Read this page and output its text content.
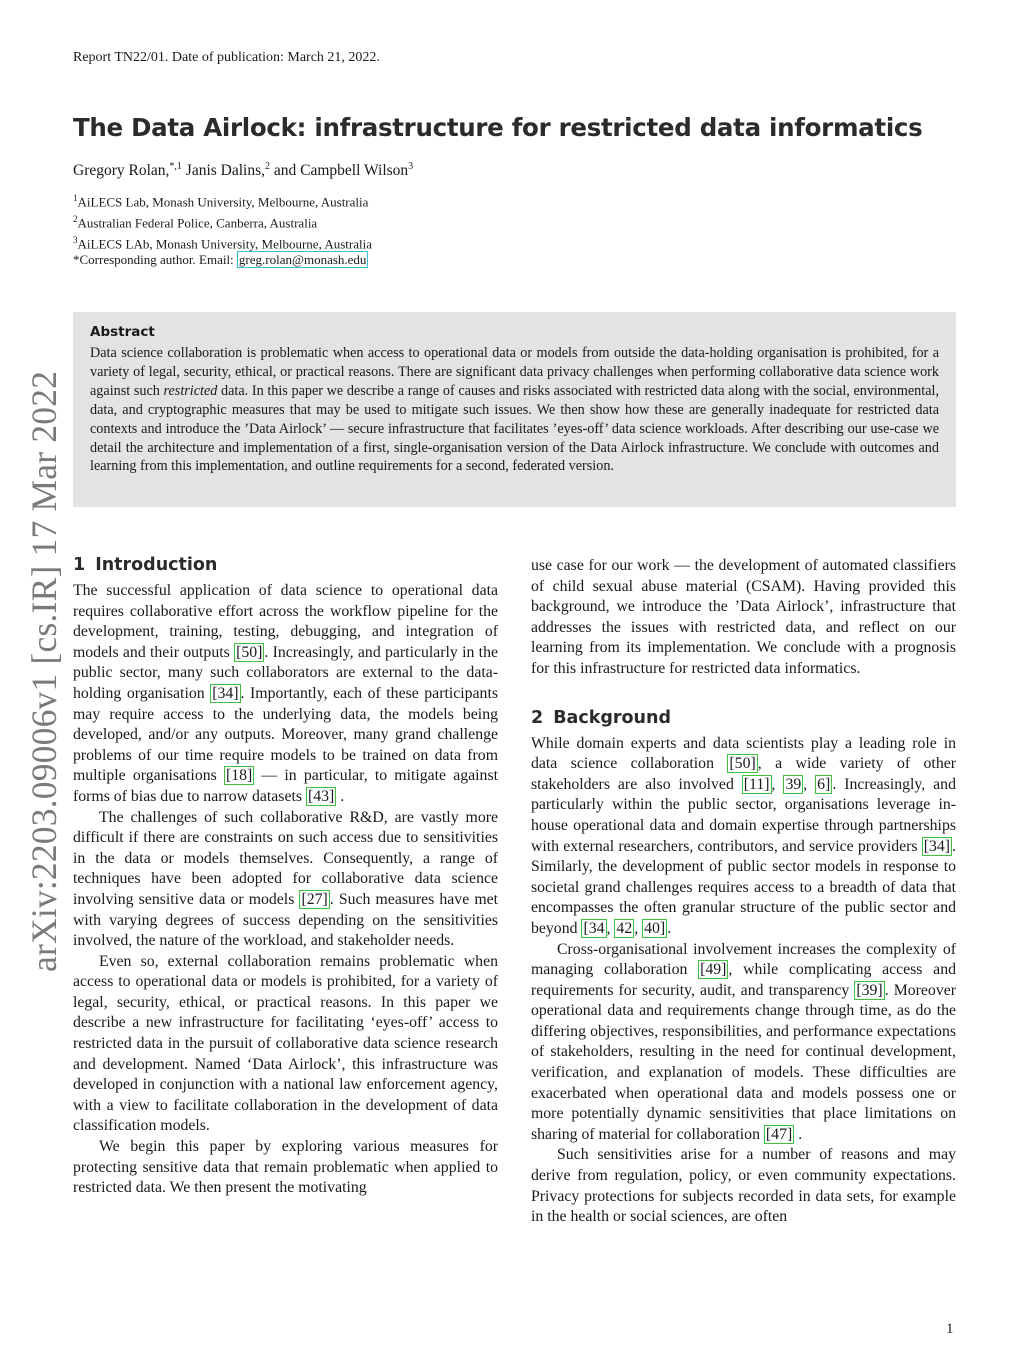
Report TN22/01. Date of publication: March 21, 2022.
The Data Airlock: infrastructure for restricted data informatics
Gregory Rolan,$^{*,1}$ Janis Dalins,$^2$ and Campbell Wilson$^3$
$^1$AiLECS Lab, Monash University, Melbourne, Australia
$^2$Australian Federal Police, Canberra, Australia
$^3$AiLECS LAb, Monash University, Melbourne, Australia
*Corresponding author. Email: greg.rolan@monash.edu
Abstract
Data science collaboration is problematic when access to operational data or models from outside the data-holding organisation is prohibited, for a variety of legal, security, ethical, or practical reasons. There are significant data privacy challenges when performing collaborative data science work against such restricted data. In this paper we describe a range of causes and risks associated with restricted data along with the social, environmental, data, and cryptographic measures that may be used to mitigate such issues. We then show how these are generally inadequate for restricted data contexts and introduce the ’Data Airlock’ — secure infrastructure that facilitates ’eyes-off’ data science workloads. After describing our use-case we detail the architecture and implementation of a first, single-organisation version of the Data Airlock infrastructure. We conclude with outcomes and learning from this implementation, and outline requirements for a second, federated version.
arXiv:2203.09006v1 [cs.IR] 17 Mar 2022 1 Introduction

The successful application of data science to operational data requires collaborative effort across the workflow pipeline for the development, training, testing, debugging, and integration of models and their outputs [50] . Increasingly, and particularly in the public sector, many such collaborators are external to the data-holding organisation [34] . Importantly, each of these participants may require access to the underlying data, the models being developed, and/or any outputs. Moreover, many grand challenge problems of our time require models to be trained on data from multiple organisations [18] — in particular, to mitigate against forms of bias due to narrow datasets [43] .

The challenges of such collaborative R&D, are vastly more difficult if there are constraints on such access due to sensitivities in the data or models themselves. Consequently, a range of techniques have been adopted for collaborative data science involving sensitive data or models [27] . Such measures have met with varying degrees of success depending on the sensitivities involved, the nature of the workload, and stakeholder needs.

Even so, external collaboration remains problematic when access to operational data or models is prohibited, for a variety of legal, security, ethical, or practical reasons. In this paper we describe a new infrastructure for facilitating ‘eyes-off’ access to restricted data in the pursuit of collaborative data science research and development. Named ‘Data Airlock’, this infrastructure was developed in conjunction with a national law enforcement agency, with a view to facilitate collaboration in the development of data classification models.

We begin this paper by exploring various measures for protecting sensitive data that remain problematic when applied to restricted data. We then present the motivating

use case for our work — the development of automated classifiers of child sexual abuse material (CSAM). Having provided this background, we introduce the ’Data Airlock’, infrastructure that addresses the issues with restricted data, and reflect on our learning from its implementation. We conclude with a prognosis for this infrastructure for restricted data informatics.

2 Background

While domain experts and data scientists play a leading role in data science collaboration [50] , a wide variety of other stakeholders are also involved [11] , 39 , 6] . Increasingly, and particularly within the public sector, organisations leverage in-house operational data and domain expertise through partnerships with external researchers, contributors, and service providers [34] . Similarly, the development of public sector models in response to societal grand challenges requires access to a breadth of data that encompasses the often granular structure of the public sector and beyond [34 , 42 , 40] .

Cross-organisational involvement increases the complexity of managing collaboration [49] , while complicating access and requirements for security, audit, and transparency [39] . Moreover operational data and requirements change through time, as do the differing objectives, responsibilities, and performance expectations of stakeholders, resulting in the need for continual development, verification, and explanation of models. These difficulties are exacerbated when operational data and models possess one or more potentially dynamic sensitivities that place limitations on sharing of material for collaboration [47] .

Such sensitivities arise for a number of reasons and may derive from regulation, policy, or even community expectations. Privacy protections for subjects recorded in data sets, for example in the health or social sciences, are often

1
